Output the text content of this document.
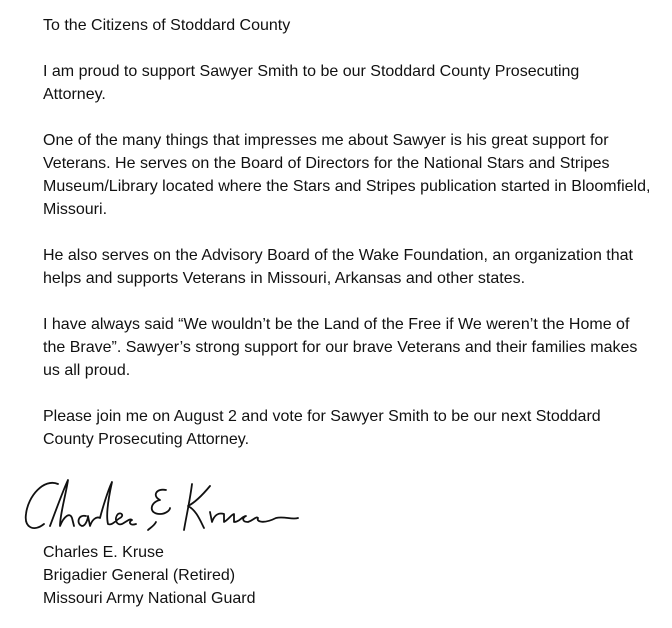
To the Citizens of Stoddard County

I am proud to support Sawyer Smith to be our Stoddard County Prosecuting Attorney.

One of the many things that impresses me about Sawyer is his great support for Veterans. He serves on the Board of Directors for the National Stars and Stripes Museum/Library located where the Stars and Stripes publication started in Bloomfield, Missouri.

He also serves on the Advisory Board of the Wake Foundation, an organization that helps and supports Veterans in Missouri, Arkansas and other states.

I have always said “We wouldn’t be the Land of the Free if We weren’t the Home of the Brave”. Sawyer’s strong support for our brave Veterans and their families makes us all proud.

Please join me on August 2 and vote for Sawyer Smith to be our next Stoddard County Prosecuting Attorney.

Charles E. Kruse
Brigadier General (Retired)
Missouri Army National Guard
